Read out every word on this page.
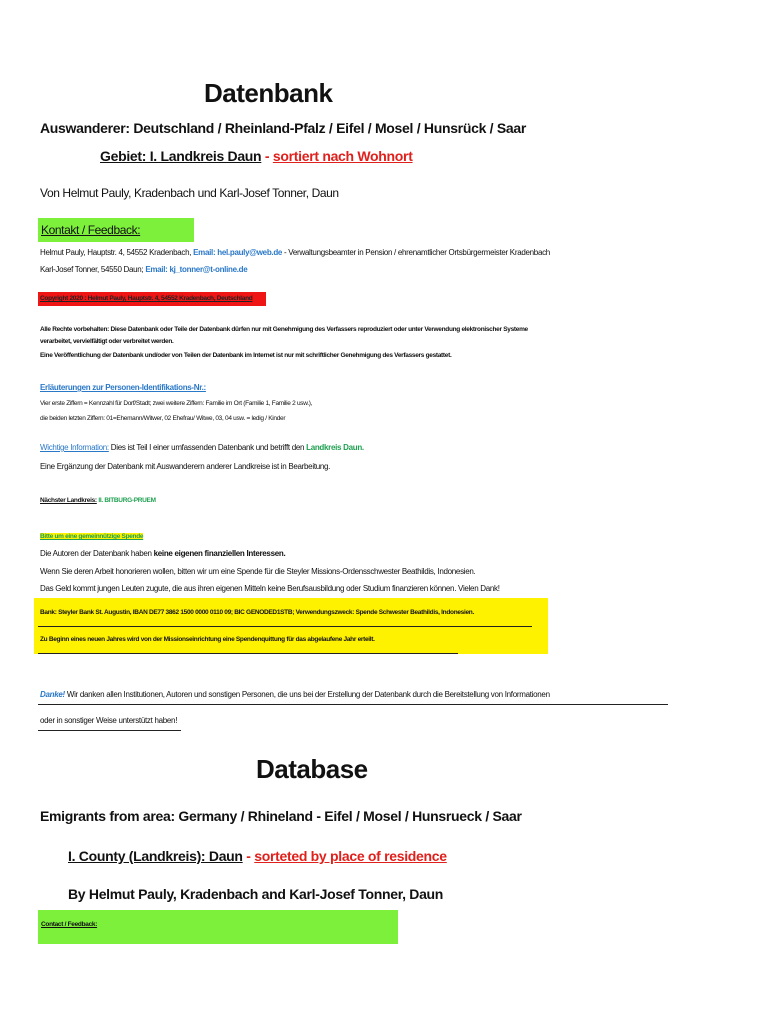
Datenbank
Auswanderer: Deutschland / Rheinland-Pfalz / Eifel / Mosel / Hunsrück / Saar
Gebiet: I. Landkreis Daun - sortiert nach Wohnort
Von Helmut Pauly, Kradenbach und Karl-Josef Tonner, Daun
Kontakt / Feedback:
Helmut Pauly, Hauptstr. 4, 54552 Kradenbach, Email: hel.pauly@web.de - Verwaltungsbeamter in Pension / ehrenamtlicher Ortsbürgermeister Kradenbach
Karl-Josef Tonner, 54550 Daun; Email: kj_tonner@t-online.de
Copyright 2020 : Helmut Pauly, Hauptstr. 4, 54552 Kradenbach, Deutschland
Alle Rechte vorbehalten: Diese Datenbank oder Teile der Datenbank dürfen nur mit Genehmigung des Verfassers reproduziert oder unter Verwendung elektronischer Systeme
verarbeitet, vervielfältigt oder verbreitet werden.
Eine Veröffentlichung der Datenbank und/oder von Teilen der Datenbank im Internet ist nur mit schriftlicher Genehmigung des Verfassers gestattet.
Erläuterungen zur Personen-Identifikations-Nr.:
Vier erste Ziffern = Kennzahl für Dorf/Stadt; zwei weitere Ziffern: Familie im Ort (Familie 1, Familie 2 usw.),
die beiden letzten Ziffern: 01=Ehemann/Witwer, 02 Ehefrau/ Witwe, 03, 04 usw. = ledig / Kinder
Wichtige Information: Dies ist Teil I einer umfassenden Datenbank und betrifft den Landkreis Daun.
Eine Ergänzung der Datenbank mit Auswanderern anderer Landkreise ist in Bearbeitung.
Nächster Landkreis: II. BITBURG-PRUEM
Bitte um eine gemeinnützige Spende
Die Autoren der Datenbank haben keine eigenen finanziellen Interessen.
Wenn Sie deren Arbeit honorieren wollen, bitten wir um eine Spende für die Steyler Missions-Ordensschwester Beathildis, Indonesien.
Das Geld kommt jungen Leuten zugute, die aus ihren eigenen Mitteln keine Berufsausbildung oder Studium finanzieren können. Vielen Dank!
Bank: Steyler Bank St. Augustin, IBAN DE77 3862 1500 0000 0110 09; BIC GENODED1STB; Verwendungszweck: Spende Schwester Beathildis, Indonesien.
Zu Beginn eines neuen Jahres wird von der Missionseinrichtung eine Spendenquittung für das abgelaufene Jahr erteilt.
Danke! Wir danken allen Institutionen, Autoren und sonstigen Personen, die uns bei der Erstellung der Datenbank durch die Bereitstellung von Informationen
oder in sonstiger Weise unterstützt haben!
Database
Emigrants from area: Germany / Rhineland - Eifel / Mosel / Hunsrueck / Saar
I. County (Landkreis): Daun - sorteted by place of residence
By Helmut Pauly, Kradenbach and Karl-Josef Tonner, Daun
Contact / Feedback:
